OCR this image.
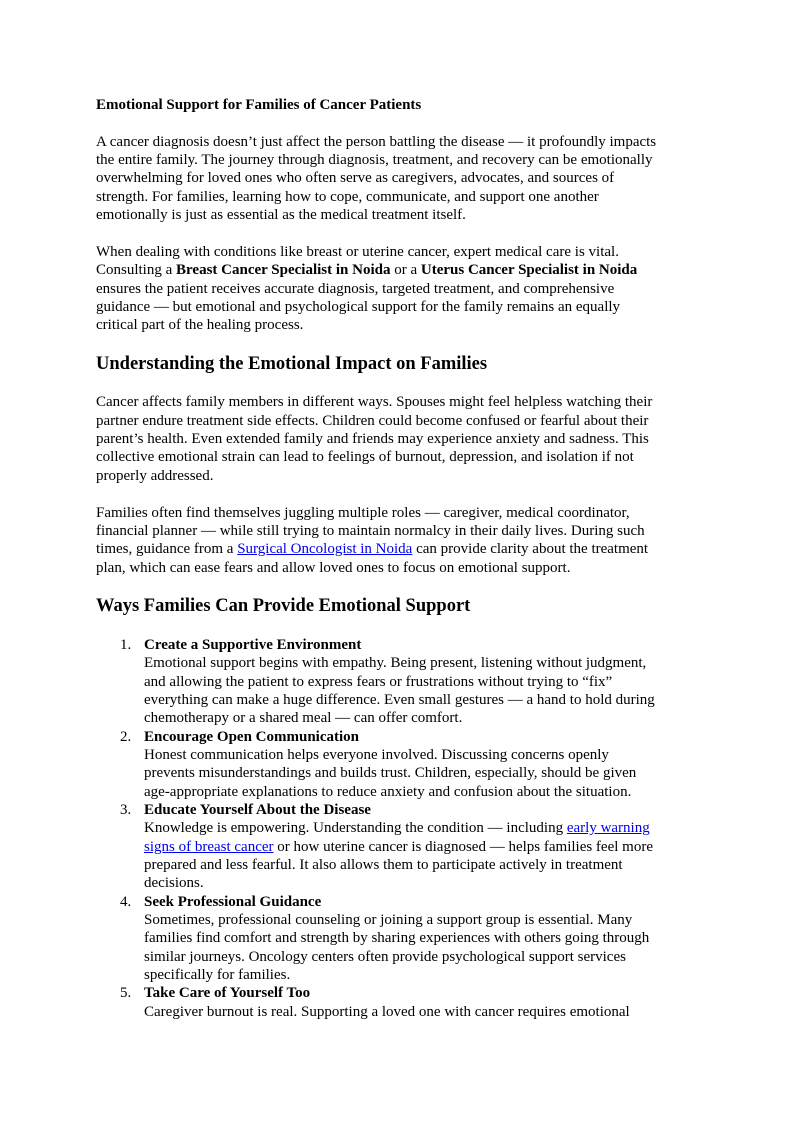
Emotional Support for Families of Cancer Patients

A cancer diagnosis doesn’t just affect the person battling the disease — it profoundly impacts
the entire family. The journey through diagnosis, treatment, and recovery can be emotionally
overwhelming for loved ones who often serve as caregivers, advocates, and sources of
strength. For families, learning how to cope, communicate, and support one another
emotionally is just as essential as the medical treatment itself.

When dealing with conditions like breast or uterine cancer, expert medical care is vital.
Consulting a Breast Cancer Specialist in Noida or a Uterus Cancer Specialist in Noida
ensures the patient receives accurate diagnosis, targeted treatment, and comprehensive
guidance — but emotional and psychological support for the family remains an equally
critical part of the healing process.

Understanding the Emotional Impact on Families

Cancer affects family members in different ways. Spouses might feel helpless watching their
partner endure treatment side effects. Children could become confused or fearful about their
parent’s health. Even extended family and friends may experience anxiety and sadness. This
collective emotional strain can lead to feelings of burnout, depression, and isolation if not
properly addressed.

Families often find themselves juggling multiple roles — caregiver, medical coordinator,
financial planner — while still trying to maintain normalcy in their daily lives. During such
times, guidance from a Surgical Oncologist in Noida can provide clarity about the treatment
plan, which can ease fears and allow loved ones to focus on emotional support.

Ways Families Can Provide Emotional Support
1. Create a Supportive Environment
Emotional support begins with empathy. Being present, listening without judgment,
and allowing the patient to express fears or frustrations without trying to “fix”
everything can make a huge difference. Even small gestures — a hand to hold during
chemotherapy or a shared meal — can offer comfort.
2. Encourage Open Communication
Honest communication helps everyone involved. Discussing concerns openly
prevents misunderstandings and builds trust. Children, especially, should be given
age-appropriate explanations to reduce anxiety and confusion about the situation.
3. Educate Yourself About the Disease
Knowledge is empowering. Understanding the condition — including early warning
signs of breast cancer or how uterine cancer is diagnosed — helps families feel more
prepared and less fearful. It also allows them to participate actively in treatment
decisions.
4. Seek Professional Guidance
Sometimes, professional counseling or joining a support group is essential. Many
families find comfort and strength by sharing experiences with others going through
similar journeys. Oncology centers often provide psychological support services
specifically for families.
5. Take Care of Yourself Too
Caregiver burnout is real. Supporting a loved one with cancer requires emotional
